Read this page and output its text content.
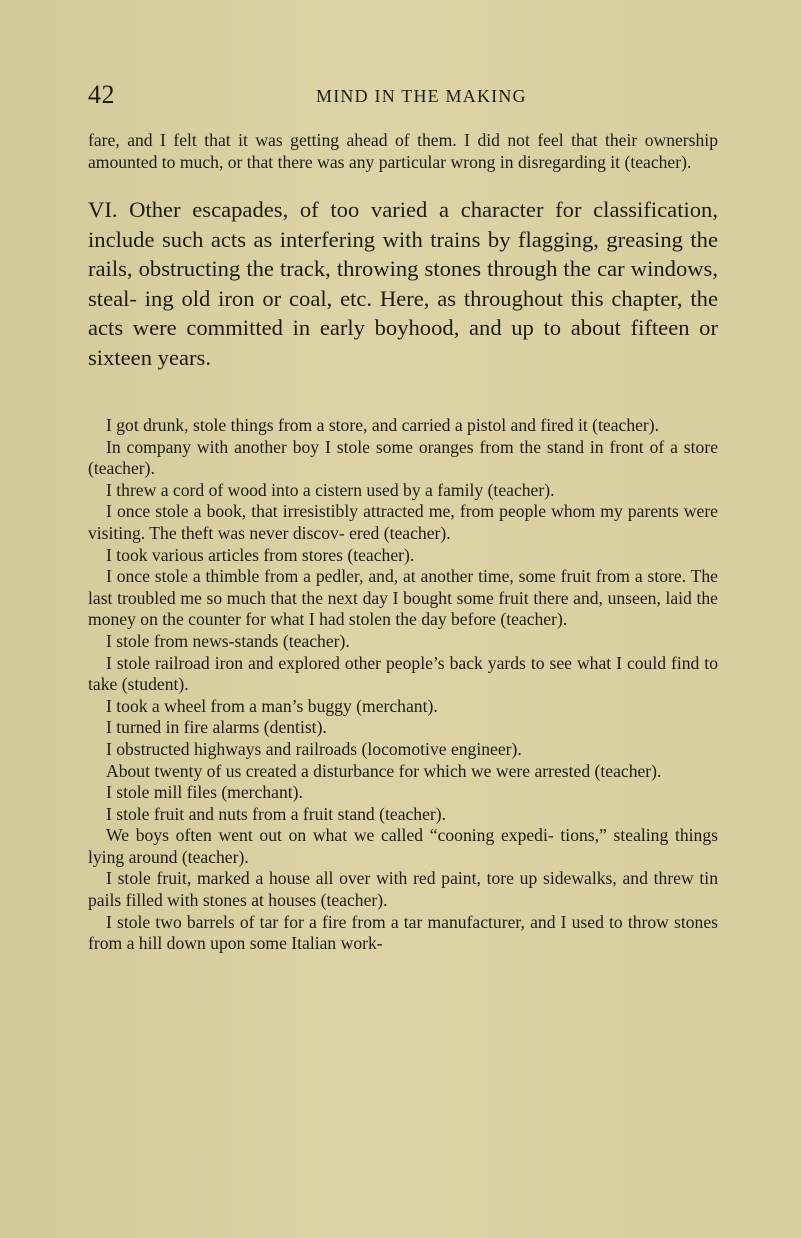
42	MIND IN THE MAKING

fare, and I felt that it was getting ahead of them. I did not feel that their ownership amounted to much, or that there was any particular wrong in disregarding it (teacher).

VI. Other escapades, of too varied a character for classification, include such acts as interfering with trains by flagging, greasing the rails, obstructing the track, throwing stones through the car windows, steal- ing old iron or coal, etc. Here, as throughout this chapter, the acts were committed in early boyhood, and up to about fifteen or sixteen years.

I got drunk, stole things from a store, and carried a pistol and fired it (teacher).

In company with another boy I stole some oranges from the stand in front of a store (teacher).

I threw a cord of wood into a cistern used by a family (teacher).

I once stole a book, that irresistibly attracted me, from people whom my parents were visiting. The theft was never discov- ered (teacher).

I took various articles from stores (teacher).

I once stole a thimble from a pedler, and, at another time, some fruit from a store. The last troubled me so much that the next day I bought some fruit there and, unseen, laid the money on the counter for what I had stolen the day before (teacher).

I stole from news-stands (teacher).

I stole railroad iron and explored other people’s back yards to see what I could find to take (student).

I took a wheel from a man’s buggy (merchant).

I turned in fire alarms (dentist).

I obstructed highways and railroads (locomotive engineer).

About twenty of us created a disturbance for which we were arrested (teacher).

I stole mill files (merchant).

I stole fruit and nuts from a fruit stand (teacher).

We boys often went out on what we called “cooning expedi- tions,” stealing things lying around (teacher).

I stole fruit, marked a house all over with red paint, tore up sidewalks, and threw tin pails filled with stones at houses (teacher).

I stole two barrels of tar for a fire from a tar manufacturer, and I used to throw stones from a hill down upon some Italian work-
